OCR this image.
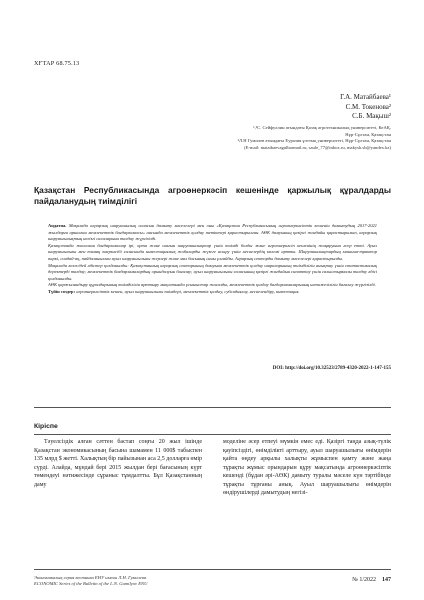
ХҒТАР 68.75.13
Г.А. Матайбаева¹
С.М. Токенова²
С.Б. Мақыш²
¹,²С. Сейфуллин атындағы Қазақ агротехникалық университеті, КеАҚ,
Нұр-Сұлтан, Қазақстан
²Л.Н Гумилев атындағы Еуразия ұлттық университеті, Нұр-Сұлтан, Қазақстан
(E-mail: mataibaevagulbarmail.ru, saule_77@inbox.ru, makysh.sb@yandex.kz)
Қазақстан Республикасында агроөнеркәсіп кешенінде қаржылық құралдарды пайдаланудың тиімділігі

Аңдатпа. Мақалада аграрлық шаруашылық саласын дамыту мәселелері мен оны «Қазақстан Республикасының агроөнеркәсіптік кешенін дамытудың 2017-2021 жылдарға арналған мемлекеттік бағдарламасы» аясында мемлекеттік қолдау тетіктері қарастырылған. АӨК дамуының қазіргі жағдайы қарастырылып, аграрлық шаруашылықтың негізгі салаларына талдау жүргізілді.

Қазақстанда жасалған бағдарламалар ірі, орта және шағын шаруашылықтар үшін тиімді болды және агроөнеркәсіп кешенінің жаңаруына әсер етті. Ауыл шаруашылығы мен тамақ өнеркәсібі саласында инвестициялық жобаларды жүзеге асыру үшін несиелердің көлемі артты. Шаруашылықтардың машина-трактор паркі, сондай-ақ, пайдаланылған ауыл шаруашылығы жерлері және мал басының саны ұлғайды. Аграрлық секторды дамыту мәселелері қарастырылды.

Мақалада келесідей әдістер қолданылды: Қазақстанның аграрлық секторының дамуына мемлекеттік қолдау шараларының тиімділігін анықтау үшін статистикалық деректерді талдау; мемлекеттік бағдарламалардың орындалуын бағалау; ауыл шаруашылығы саласының қазіргі жағдайын сипаттау үшін салыстырмалы талдау әдісі қолданылды.

АӨК қаржыландыру құралдарының тиімділігін арттыру мақсатында ұсыныстар жасалды, мемлекеттік қолдау бағдарламаларының нәтижелілігін бағалау жүргізілді.

Түйін сөздер: агроөнеркәсіптік кешен, ауыл шаруашылығы өнімдері, мемлекеттік қолдау, субсидиялау, несиелендіру, инвестиция.

DOI: http://doi.org/10.32523/2789-4320-2022-1-147-155
Кіріспе
Тәуелсіздік алған сәттен бастап соңғы 20 жыл ішінде Қазақстан экономикасының басына шамамен 11 000$ табыспен 135 млрд $ жетті. Халықтың бір пайызынан аса 2,5 долларға өмір сүрді. Алайда, мұндай бері 2015 жылдан бері бағасының күрт төмендеуі нәтижесінде сұраныс тұмдалтты. Бұл Қазақстанның даму
моделіне әсер етпеуі мүмкін емес еді. Қазіргі таңда азық-түлік қауіпсіздігі, өнімділікті арттыру, ауыл шаруашылығы өнімдерін қайта өңдеу арқылы халықты жұмыспен қамту және жаңа тұрақты жұмыс орындарын құру мақсатында агроөнеркәсіптік кешенді (бұдан әрі-АӨК) дамыту туралы мәселе күн тәртібінде тұрақты тұрғаны анық. Ауыл шаруашылығы өнімдерін өндірушілерді дамытудың негізі-
Экономикалық серия вестника ЕНУ имени Л.Н. Гумилева
ECONOMIC Series of the Bulletin of the L.N. Gumilyov ENU
№ 1/2022 147
